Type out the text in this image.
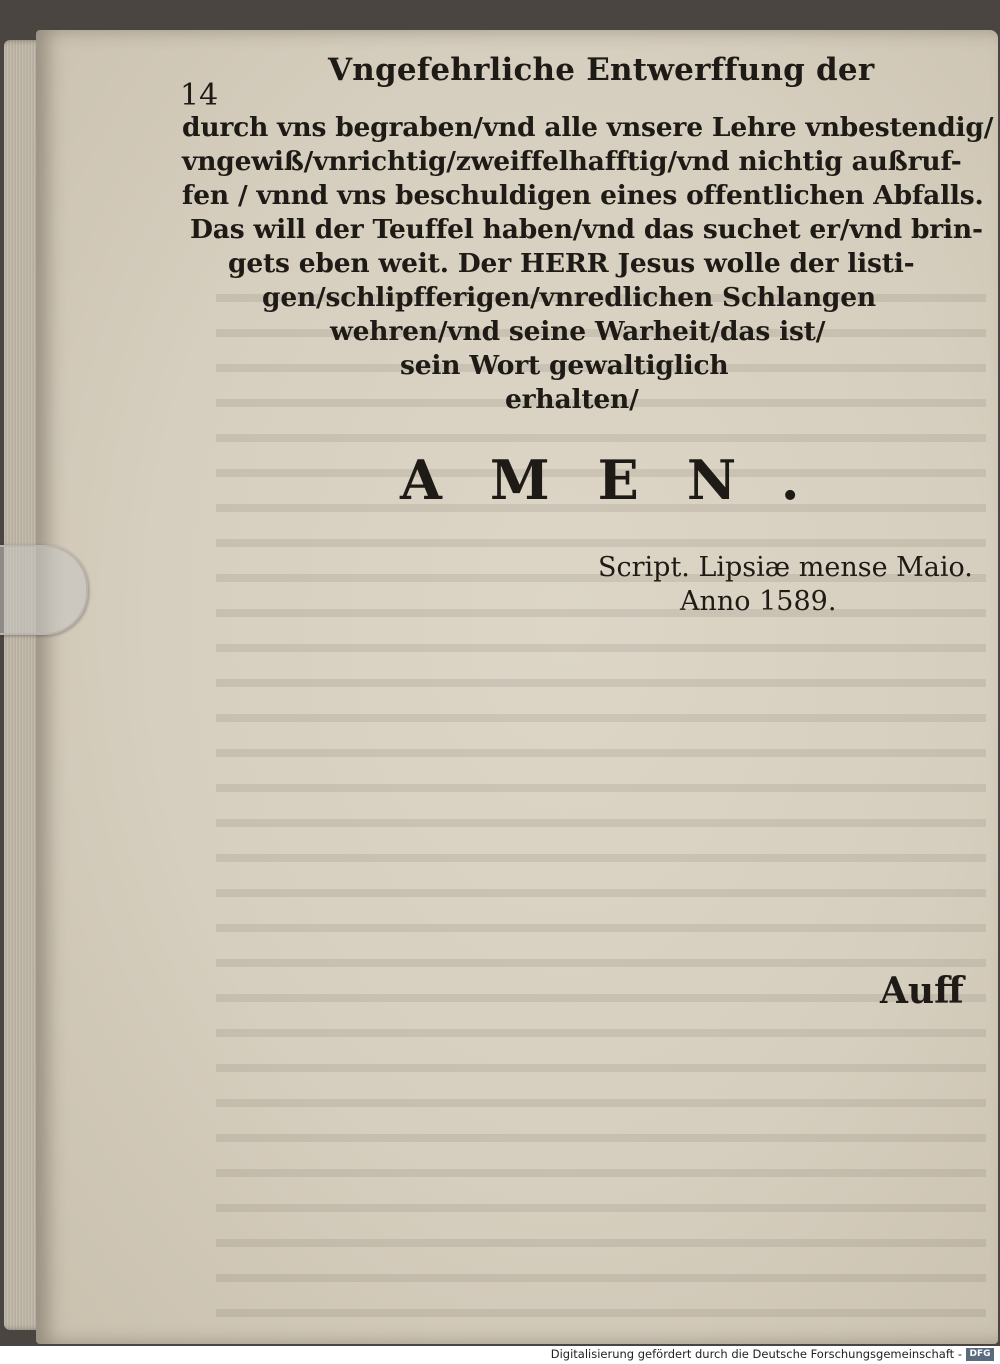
14
Vngefehrliche Entwerffung der
durch vns begraben/vnd alle vnsere Lehre vnbestendig/
vngewiß/vnrichtig/zweiffelhafftig/vnd nichtig außruf-
fen / vnnd vns beschuldigen eines offentlichen Abfalls.
Das will der Teuffel haben/vnd das suchet er/vnd brin-
gets eben weit. Der HERR Jesus wolle der listi-
gen/schlipfferigen/vnredlichen Schlangen
wehren/vnd seine Warheit/das ist/
sein Wort gewaltiglich
erhalten/
AMEN.
Script. Lipsiæ mense Maio.
Anno 1589.
Auff
Digitalisierung gefördert durch die Deutsche Forschungsgemeinschaft - DFG
